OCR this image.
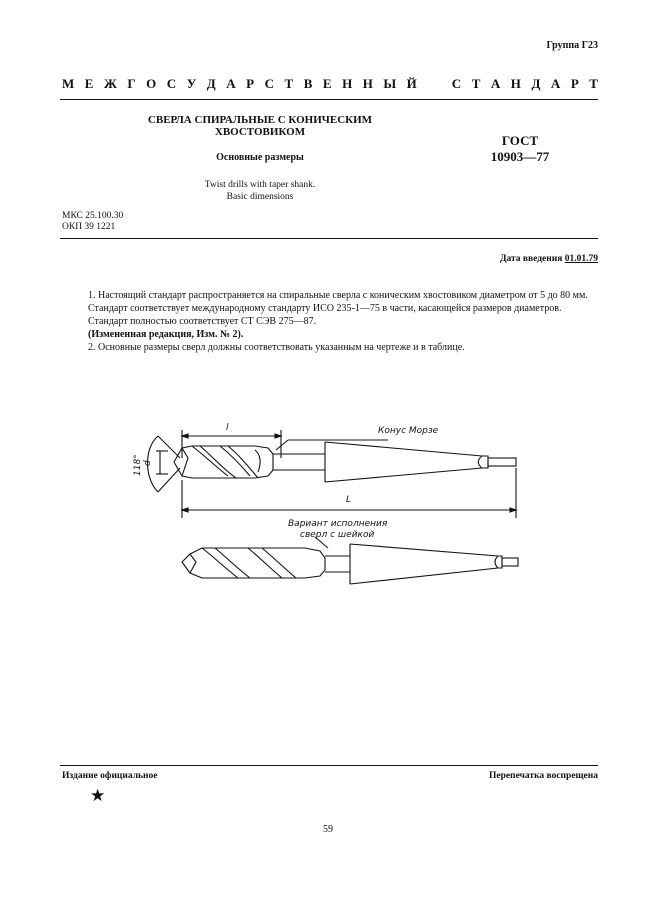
Группа Г23
М Е Ж Г О С У Д А Р С Т В Е Н Н Ы Й	С Т А Н Д А Р Т
СВЕРЛА СПИРАЛЬНЫЕ С КОНИЧЕСКИМ
ХВОСТОВИКОМ
Основные размеры
Twist drills with taper shank.
Basic dimensions
ГОСТ
10903—77
МКС 25.100.30
ОКП 39 1221
Дата введения 01.01.79

1. Настоящий стандарт распространяется на спиральные сверла с коническим хвостовиком диаметром от 5 до 80 мм.

Стандарт соответствует международному стандарту ИСО 235-1—75 в части, касающейся размеров диаметров.

Стандарт полностью соответствует СТ СЭВ 275—87.

(Измененная редакция, Изм. № 2).

2. Основные размеры сверл должны соответствовать указанным на чертеже и в таблице.

l
L
d
118°
Конус Морзе
Вариант исполнения
сверл с шейкой
Издание официальное	Перепечатка воспрещена
★
59
